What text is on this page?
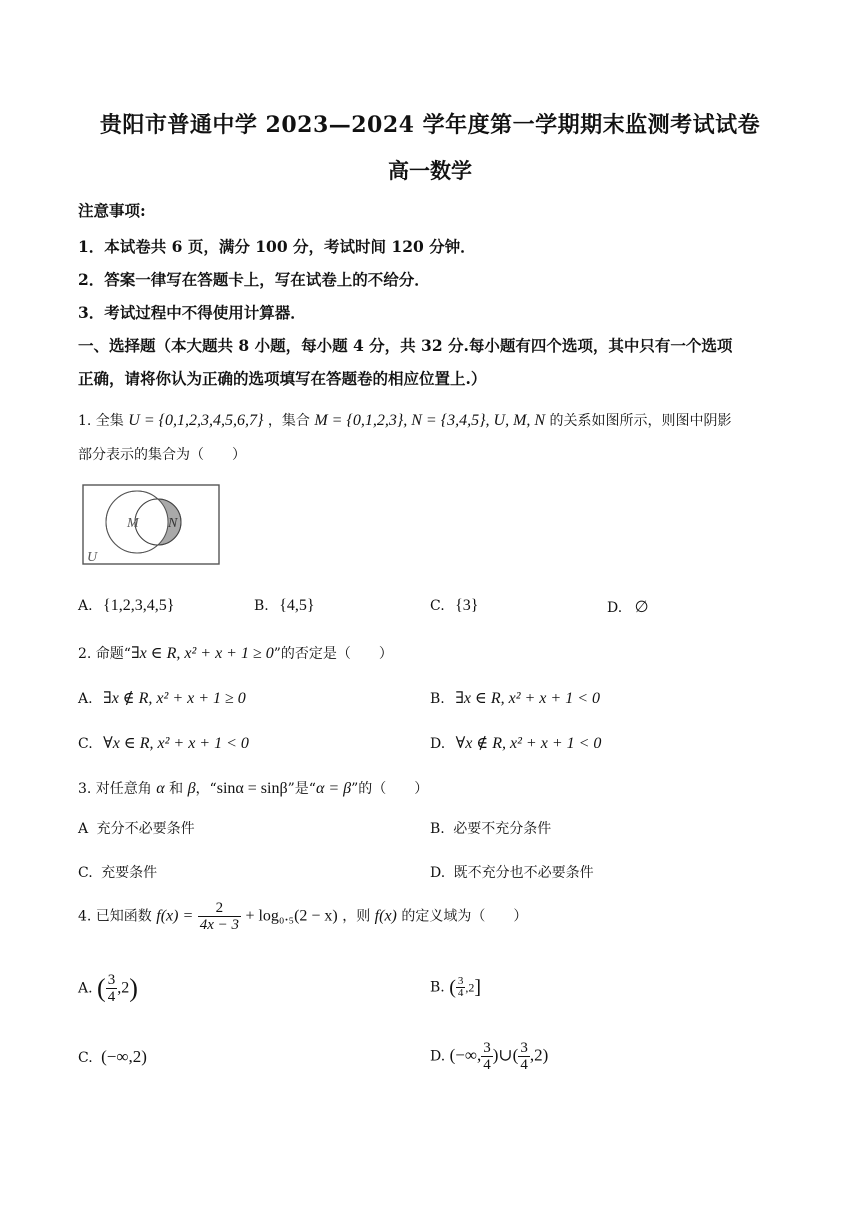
贵阳市普通中学 2023—2024 学年度第一学期期末监测考试试卷
高一数学
注意事项:
1．本试卷共 6 页，满分 100 分，考试时间 120 分钟．
2．答案一律写在答题卡上，写在试卷上的不给分．
3．考试过程中不得使用计算器．
一、选择题（本大题共 8 小题，每小题 4 分，共 32 分.每小题有四个选项，其中只有一个选项
正确，请将你认为正确的选项填写在答题卷的相应位置上.）
1. 全集 U = {0,1,2,3,4,5,6,7} ，集合 M = {0,1,2,3}, N = {3,4,5}, U, M, N 的关系如图所示，则图中阴影
部分表示的集合为（　　）
M N
U
A. {1,2,3,4,5}	B. {4,5}	C. {3}	D. ∅
2. 命题“∃x ∈ R, x² + x + 1 ≥ 0”的否定是（　　）
A. ∃x ∉ R, x² + x + 1 ≥ 0	B. ∃x ∈ R, x² + x + 1 < 0
C. ∀x ∈ R, x² + x + 1 < 0	D. ∀x ∉ R, x² + x + 1 < 0
3. 对任意角 α 和 β，“sinα = sinβ”是“α = β”的（　　）
A 充分不必要条件	B. 必要不充分条件
C. 充要条件	D. 既不充分也不必要条件
4. 已知函数 $f(x) = \frac{2}{4x - 3} + \log_0._5(2 - x)$ ，则 f(x) 的定义域为（　　）
A. ( $\frac{3}{4} ,2$)	B. ( $\frac{3}{4} ,2$]
C. (−∞,2)	D. (−∞, $\frac{3}{4}$ )∪( $\frac{3}{4} ,2$)
